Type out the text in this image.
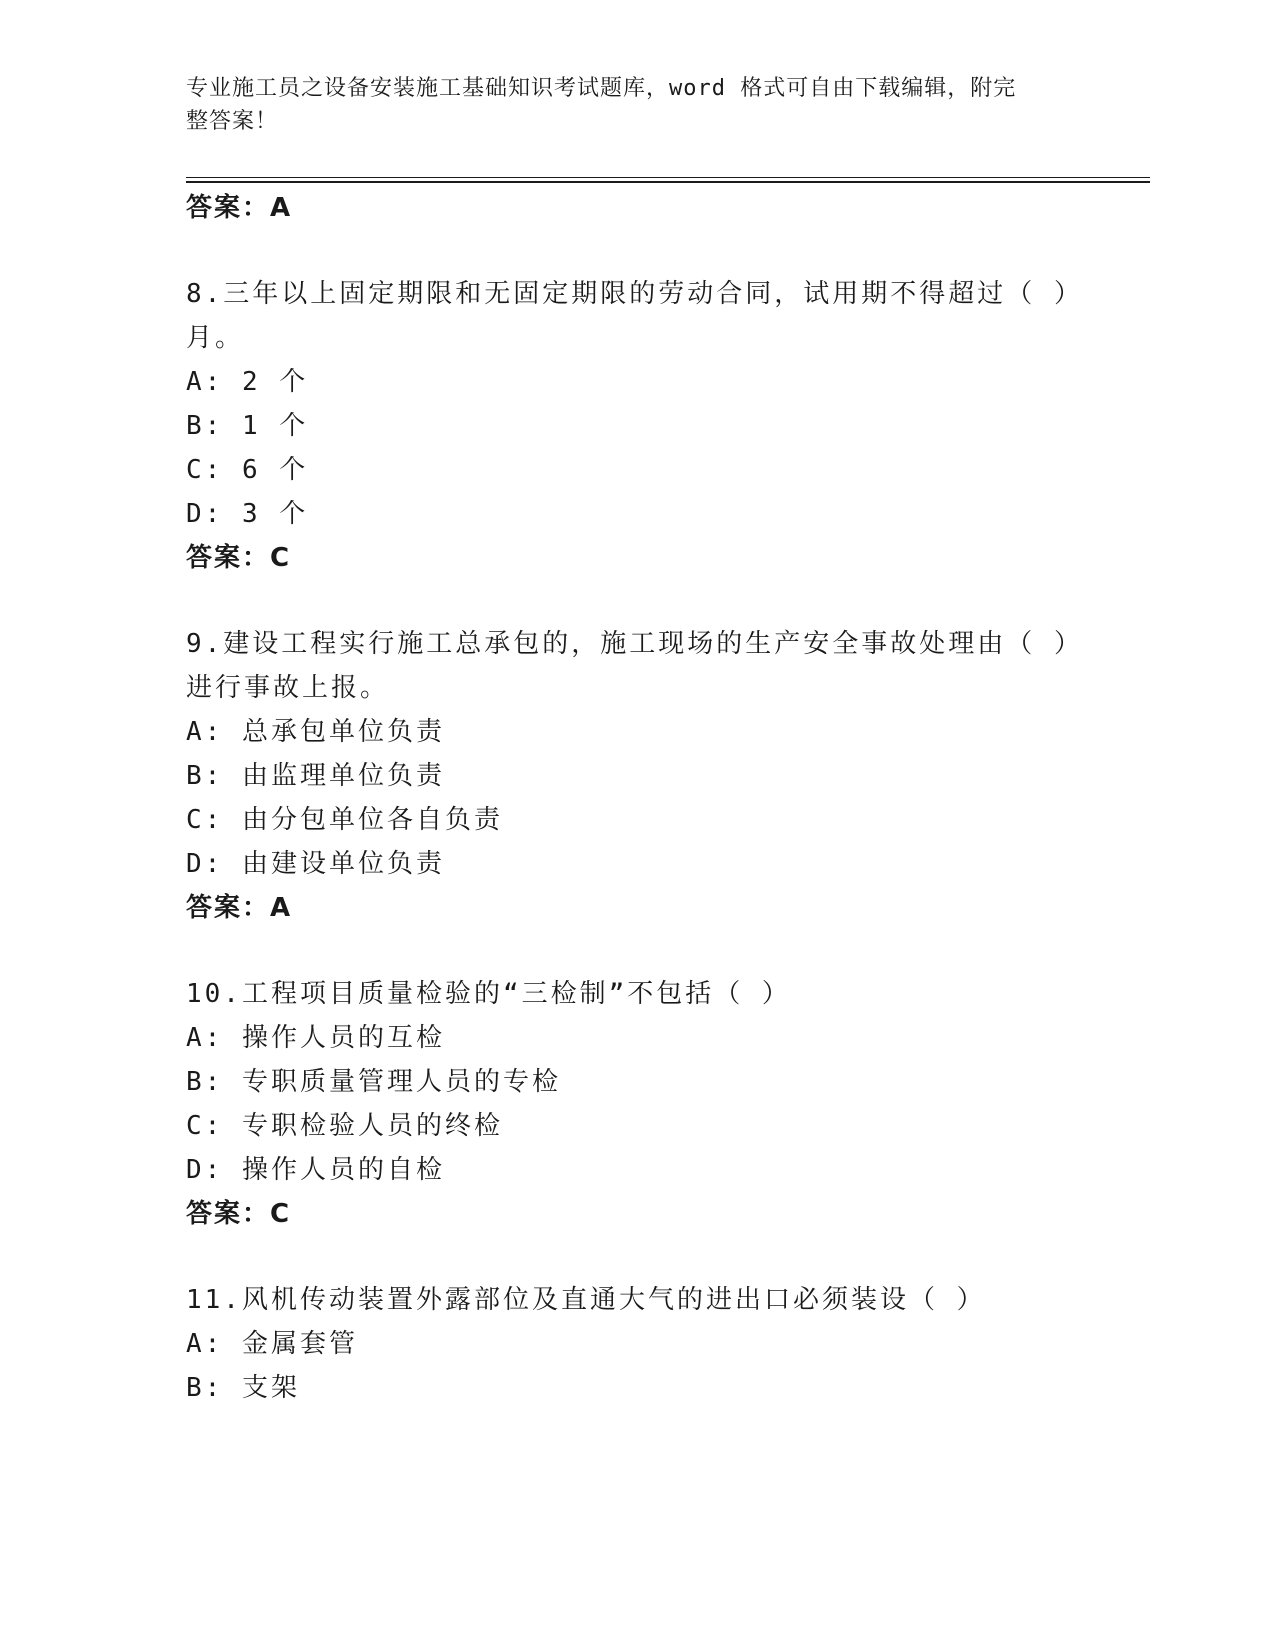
专业施工员之设备安装施工基础知识考试题库，word 格式可自由下载编辑，附完
整答案！
答案：A
8.三年以上固定期限和无固定期限的劳动合同，试用期不得超过（ ）
月。
A: 2 个
B: 1 个
C: 6 个
D: 3 个
答案：C
9.建设工程实行施工总承包的，施工现场的生产安全事故处理由（ ）
进行事故上报。
A: 总承包单位负责
B: 由监理单位负责
C: 由分包单位各自负责
D: 由建设单位负责
答案：A
10.工程项目质量检验的“三检制”不包括（ ）
A: 操作人员的互检
B: 专职质量管理人员的专检
C: 专职检验人员的终检
D: 操作人员的自检
答案：C
11.风机传动装置外露部位及直通大气的进出口必须装设（ ）
A: 金属套管
B: 支架
